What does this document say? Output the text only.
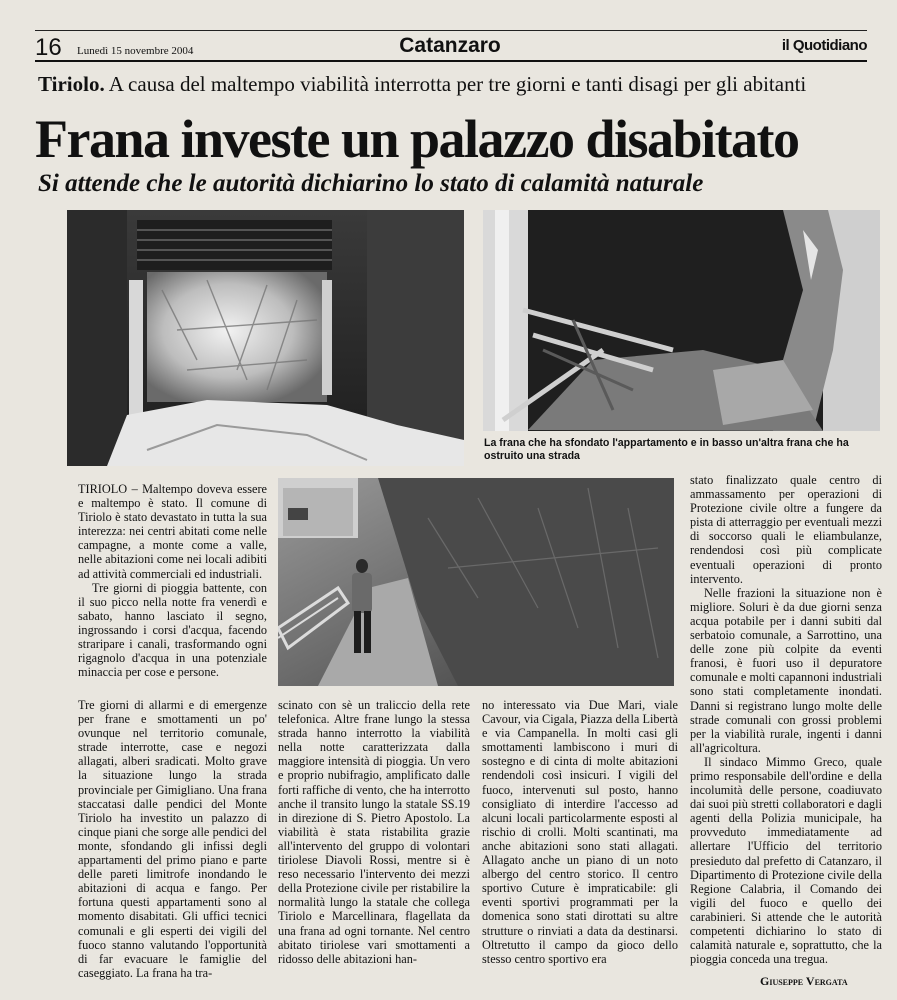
16 Lunedì 15 novembre 2004	Catanzaro	il Quotidiano
Tiriolo. A causa del maltempo viabilità interrotta per tre giorni e tanti disagi per gli abitanti
Frana investe un palazzo disabitato
Si attende che le autorità dichiarino lo stato di calamità naturale
La frana che ha sfondato l'appartamento e in basso un'altra frana che ha ostruito una strada

TIRIOLO – Maltempo doveva essere e maltempo è stato. Il comune di Tiriolo è stato devastato in tutta la sua interezza: nei centri abitati come nelle campagne, a monte come a valle, nelle abitazioni come nei locali adibiti ad attività commerciali ed industriali.

Tre giorni di pioggia battente, con il suo picco nella notte fra venerdì e sabato, hanno lasciato il segno, ingrossando i corsi d'acqua, facendo straripare i canali, trasformando ogni rigagnolo d'acqua in una potenziale minaccia per cose e persone.

Tre giorni di allarmi e di emergenze per frane e smottamenti un po' ovunque nel territorio comunale, strade interrotte, case e negozi allagati, alberi sradicati. Molto grave la situazione lungo la strada provinciale per Gimigliano. Una frana staccatasi dalle pendici del Monte Tiriolo ha investito un palazzo di cinque piani che sorge alle pendici del monte, sfondando gli infissi degli appartamenti del primo piano e parte delle pareti limitrofe inondando le abitazioni di acqua e fango. Per fortuna questi appartamenti sono al momento disabitati. Gli uffici tecnici comunali e gli esperti dei vigili del fuoco stanno valutando l'opportunità di far evacuare le famiglie del caseggiato. La frana ha tra-

scinato con sè un traliccio della rete telefonica. Altre frane lungo la stessa strada hanno interrotto la viabilità nella notte caratterizzata dalla maggiore intensità di pioggia. Un vero e proprio nubifragio, amplificato dalle forti raffiche di vento, che ha interrotto anche il transito lungo la statale SS.19 in direzione di S. Pietro Apostolo. La viabilità è stata ristabilita grazie all'intervento del gruppo di volontari tiriolese Diavoli Rossi, mentre si è reso necessario l'intervento dei mezzi della Protezione civile per ristabilire la normalità lungo la statale che collega Tiriolo e Marcellinara, flagellata da una frana ad ogni tornante. Nel centro abitato tiriolese vari smottamenti a ridosso delle abitazioni han-

no interessato via Due Mari, viale Cavour, via Cigala, Piazza della Libertà e via Campanella. In molti casi gli smottamenti lambiscono i muri di sostegno e di cinta di molte abitazioni rendendoli così insicuri. I vigili del fuoco, intervenuti sul posto, hanno consigliato di interdire l'accesso ad alcuni locali particolarmente esposti al rischio di crolli. Molti scantinati, ma anche abitazioni sono stati allagati. Allagato anche un piano di un noto albergo del centro storico. Il centro sportivo Cuture è impraticabile: gli eventi sportivi programmati per la domenica sono stati dirottati su altre strutture o rinviati a data da destinarsi. Oltretutto il campo da gioco dello stesso centro sportivo era

stato finalizzato quale centro di ammassamento per operazioni di Protezione civile oltre a fungere da pista di atterraggio per eventuali mezzi di soccorso quali le eliambulanze, rendendosi così più complicate eventuali operazioni di pronto intervento.

Nelle frazioni la situazione non è migliore. Soluri è da due giorni senza acqua potabile per i danni subiti dal serbatoio comunale, a Sarrottino, una delle zone più colpite da eventi franosi, è fuori uso il depuratore comunale e molti capannoni industriali sono stati completamente inondati. Danni si registrano lungo molte delle strade comunali con grossi problemi per la viabilità rurale, ingenti i danni all'agricoltura.

Il sindaco Mimmo Greco, quale primo responsabile dell'ordine e della incolumità delle persone, coadiuvato dai suoi più stretti collaboratori e dagli agenti della Polizia municipale, ha provveduto immediatamente ad allertare l'Ufficio del territorio presieduto dal prefetto di Catanzaro, il Dipartimento di Protezione civile della Regione Calabria, il Comando dei vigili del fuoco e quello dei carabinieri. Si attende che le autorità competenti dichiarino lo stato di calamità naturale e, soprattutto, che la pioggia conceda una tregua.

Giuseppe Vergata
